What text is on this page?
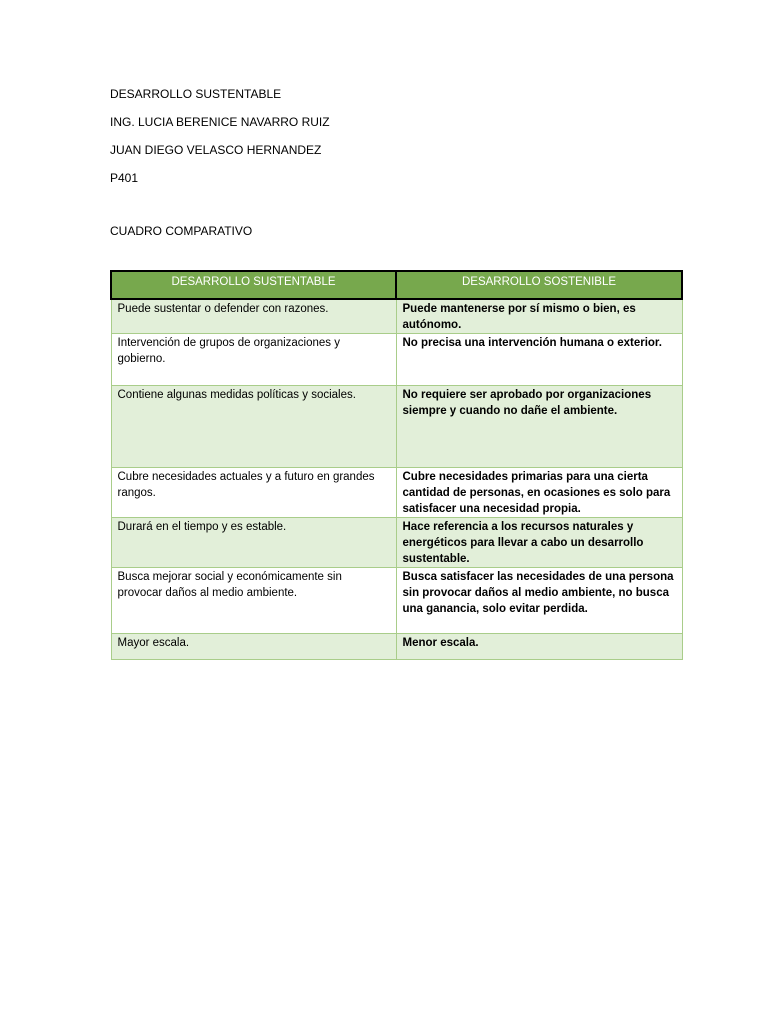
DESARROLLO SUSTENTABLE
ING. LUCIA BERENICE NAVARRO RUIZ
JUAN DIEGO VELASCO HERNANDEZ
P401
CUADRO COMPARATIVO
DESARROLLO SUSTENTABLE	DESARROLLO SOSTENIBLE
Puede sustentar o defender con razones.	Puede mantenerse por sí mismo o bien, es autónomo.
Intervención de grupos de organizaciones y gobierno.	No precisa una intervención humana o exterior.
Contiene algunas medidas políticas y sociales.	No requiere ser aprobado por organizaciones siempre y cuando no dañe el ambiente.
Cubre necesidades actuales y a futuro en grandes rangos.	Cubre necesidades primarias para una cierta cantidad de personas, en ocasiones es solo para satisfacer una necesidad propia.
Durará en el tiempo y es estable.	Hace referencia a los recursos naturales y energéticos para llevar a cabo un desarrollo sustentable.
Busca mejorar social y económicamente sin provocar daños al medio ambiente.	Busca satisfacer las necesidades de una persona sin provocar daños al medio ambiente, no busca una ganancia, solo evitar perdida.
Mayor escala.	Menor escala.
